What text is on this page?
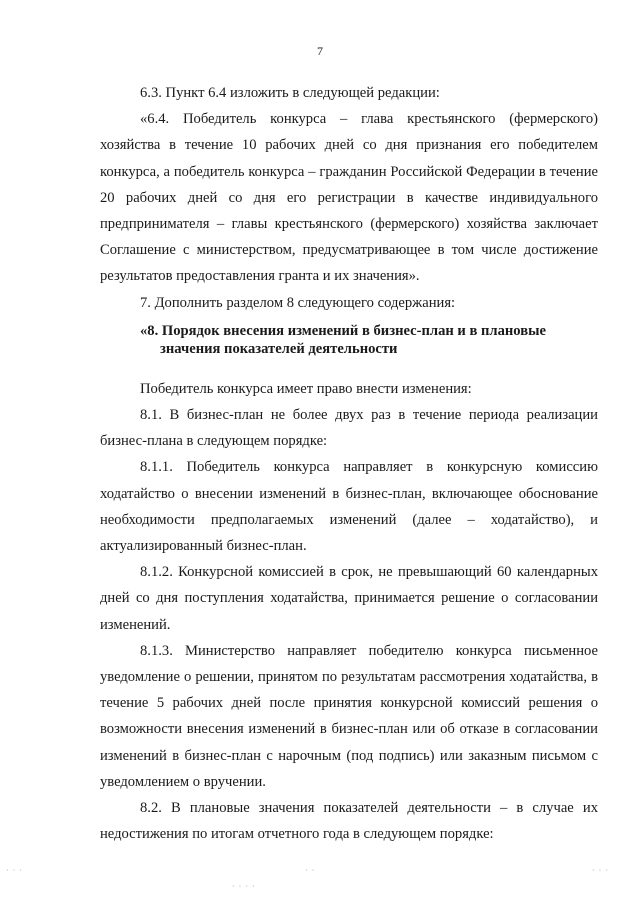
7

6.3. Пункт 6.4 изложить в следующей редакции:

«6.4. Победитель конкурса – глава крестьянского (фермерского) хозяйства в течение 10 рабочих дней со дня признания его победителем конкурса, а победитель конкурса – гражданин Российской Федерации в течение 20 рабочих дней со дня его регистрации в качестве индивидуального предпринимателя – главы крестьянского (фермерского) хозяйства заключает Соглашение с министерством, предусматривающее в том числе достижение результатов предоставления гранта и их значения».

7. Дополнить разделом 8 следующего содержания:

«8. Порядок внесения изменений в бизнес-план и в плановые
значения показателей деятельности

Победитель конкурса имеет право внести изменения:

8.1. В бизнес-план не более двух раз в течение периода реализации бизнес-плана в следующем порядке:

8.1.1. Победитель конкурса направляет в конкурсную комиссию ходатайство о внесении изменений в бизнес-план, включающее обоснование необходимости предполагаемых изменений (далее – ходатайство), и актуализированный бизнес-план.

8.1.2. Конкурсной комиссией в срок, не превышающий 60 календарных дней со дня поступления ходатайства, принимается решение о согласовании изменений.

8.1.3. Министерство направляет победителю конкурса письменное уведомление о решении, принятом по результатам рассмотрения ходатайства, в течение 5 рабочих дней после принятия конкурсной комиссий решения о возможности внесения изменений в бизнес-план или об отказе в согласовании изменений в бизнес-план с нарочным (под подпись) или заказным письмом с уведомлением о вручении.

8.2. В плановые значения показателей деятельности – в случае их недостижения по итогам отчетного года в следующем порядке:

· · ·	· ·	· · ·
· · · ·
